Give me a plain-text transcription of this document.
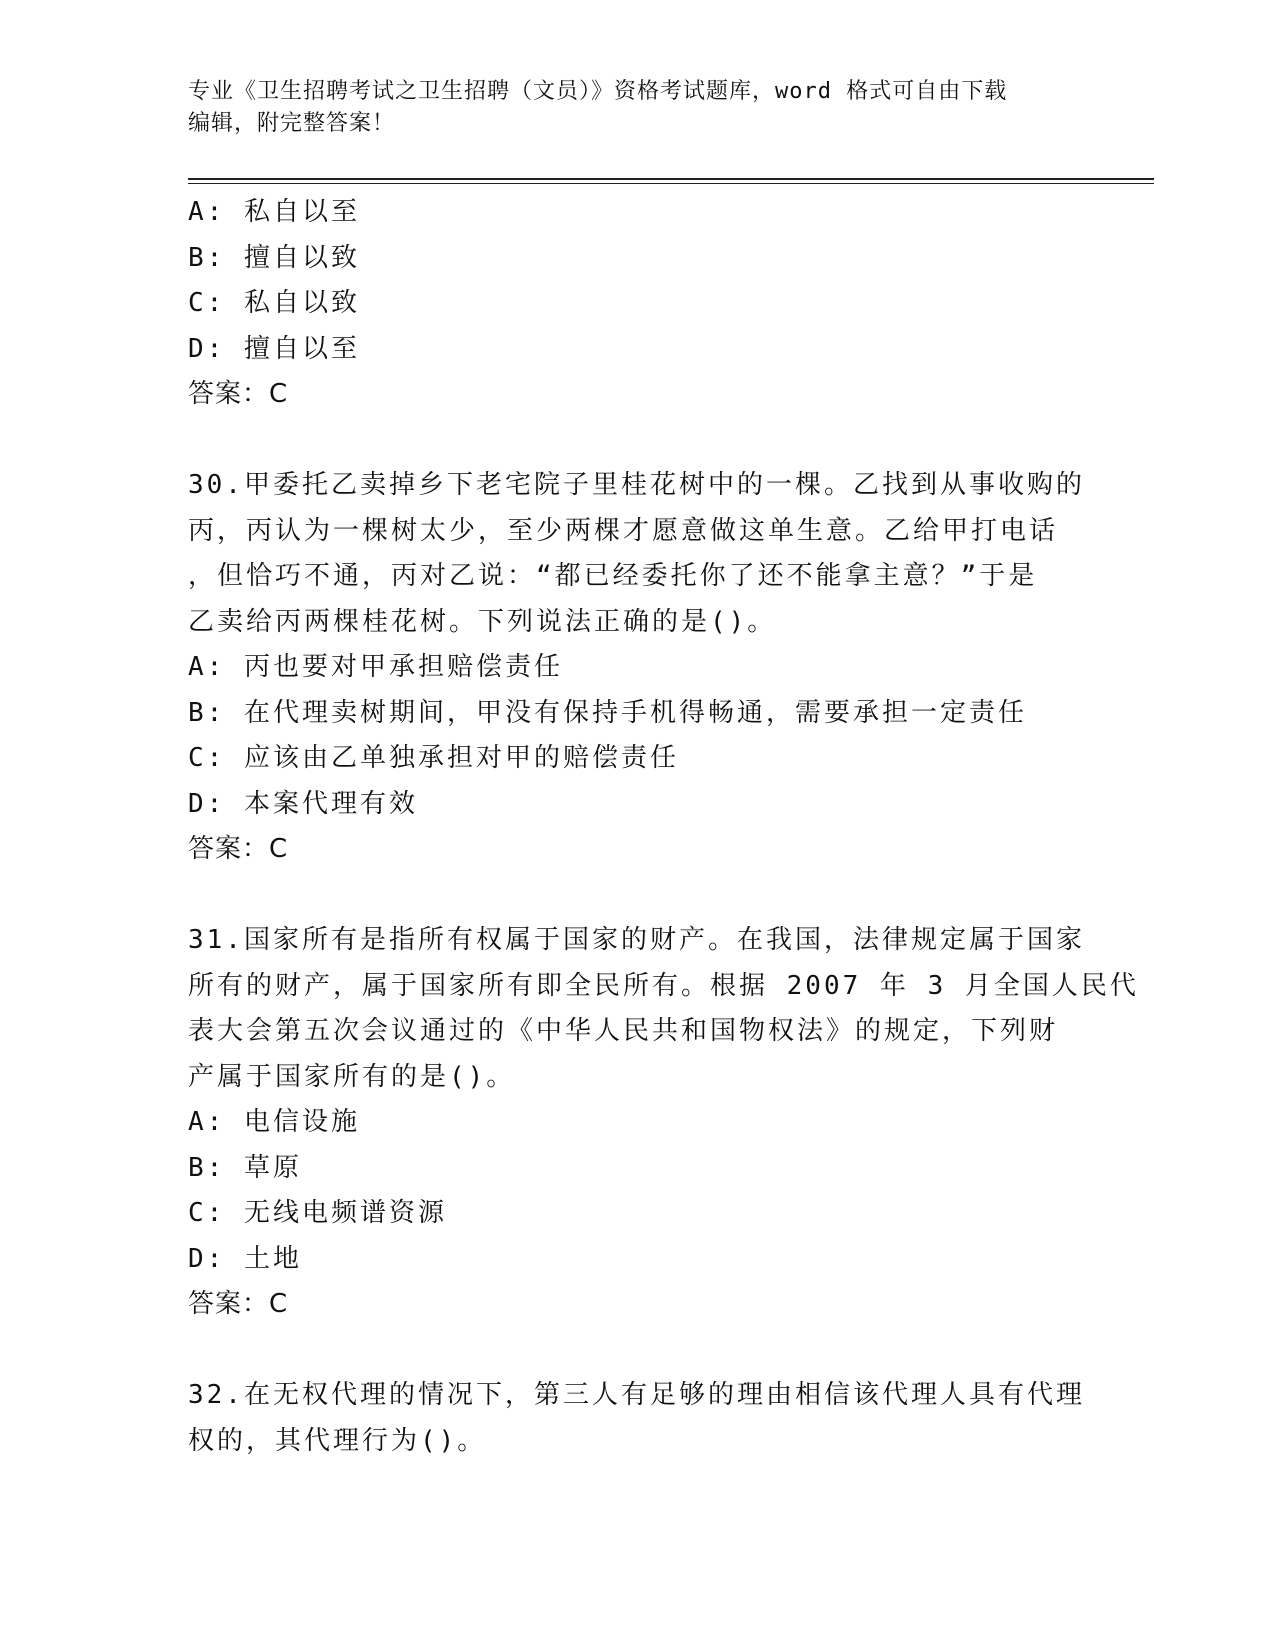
专业《卫生招聘考试之卫生招聘（文员）》资格考试题库，word 格式可自由下载
编辑，附完整答案！
A: 私自以至
B: 擅自以致
C: 私自以致
D: 擅自以至
答案：C
30.甲委托乙卖掉乡下老宅院子里桂花树中的一棵。乙找到从事收购的
丙，丙认为一棵树太少，至少两棵才愿意做这单生意。乙给甲打电话
，但恰巧不通，丙对乙说：“都已经委托你了还不能拿主意？”于是
乙卖给丙两棵桂花树。下列说法正确的是()。
A: 丙也要对甲承担赔偿责任
B: 在代理卖树期间，甲没有保持手机得畅通，需要承担一定责任
C: 应该由乙单独承担对甲的赔偿责任
D: 本案代理有效
答案：C
31.国家所有是指所有权属于国家的财产。在我国，法律规定属于国家
所有的财产，属于国家所有即全民所有。根据 2007 年 3 月全国人民代
表大会第五次会议通过的《中华人民共和国物权法》的规定，下列财
产属于国家所有的是()。
A: 电信设施
B: 草原
C: 无线电频谱资源
D: 土地
答案：C
32.在无权代理的情况下，第三人有足够的理由相信该代理人具有代理
权的，其代理行为()。
